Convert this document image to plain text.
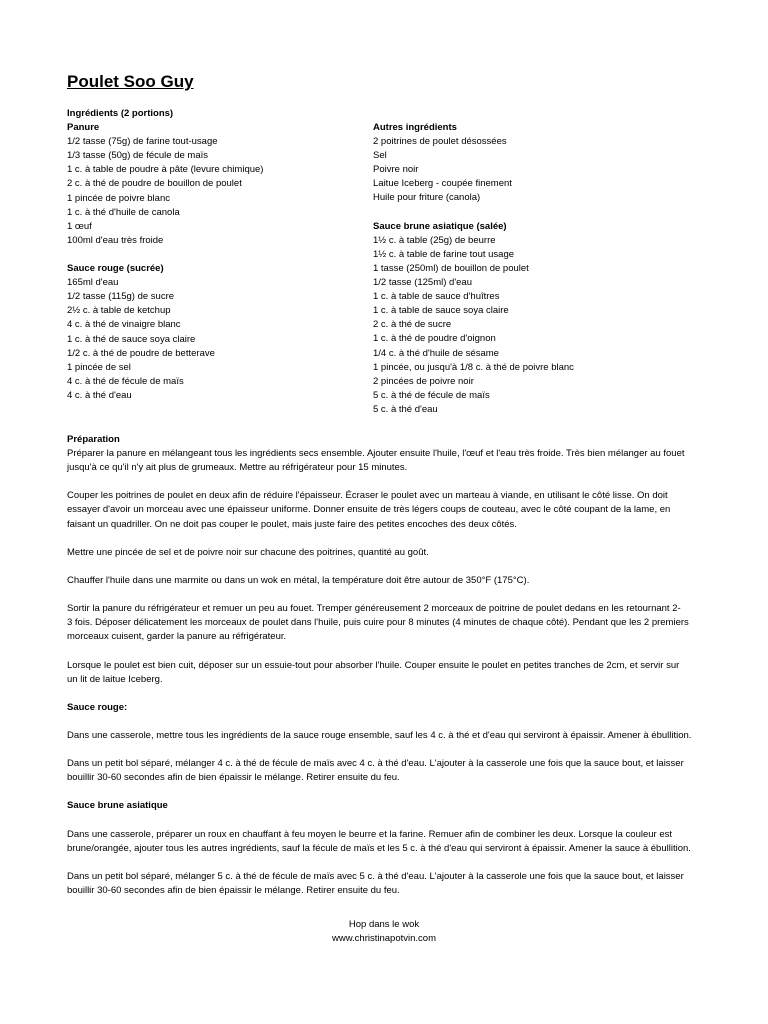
Poulet Soo Guy
Ingrédients (2 portions)
Panure
1/2 tasse (75g) de farine tout-usage
1/3 tasse (50g) de fécule de maïs
1 c. à table de poudre à pâte (levure chimique)
2 c. à thé de poudre de bouillon de poulet
1 pincée de poivre blanc
1 c. à thé d'huile de canola
1 œuf
100ml d'eau très froide
Sauce rouge (sucrée)
165ml d'eau
1/2 tasse (115g) de sucre
2½ c. à table de ketchup
4 c. à thé de vinaigre blanc
1 c. à thé de sauce soya claire
1/2 c. à thé de poudre de betterave
1 pincée de sel
4 c. à thé de fécule de maïs
4 c. à thé d'eau
Autres ingrédients
2 poitrines de poulet désossées
Sel
Poivre noir
Laitue Iceberg - coupée finement
Huile pour friture (canola)
Sauce brune asiatique (salée)
1½ c. à table (25g) de beurre
1½ c. à table de farine tout usage
1 tasse (250ml) de bouillon de poulet
1/2 tasse (125ml) d'eau
1 c. à table de sauce d'huîtres
1 c. à table de sauce soya claire
2 c. à thé de sucre
1 c. à thé de poudre d'oignon
1/4 c. à thé d'huile de sésame
1 pincée, ou jusqu'à 1/8 c. à thé de poivre blanc
2 pincées de poivre noir
5 c. à thé de fécule de maïs
5 c. à thé d'eau
Préparation
Préparer la panure en mélangeant tous les ingrédients secs ensemble. Ajouter ensuite l'huile, l'œuf et l'eau très froide. Très bien mélanger au fouet
jusqu'à ce qu'il n'y ait plus de grumeaux. Mettre au réfrigérateur pour 15 minutes.
Couper les poitrines de poulet en deux afin de réduire l'épaisseur. Écraser le poulet avec un marteau à viande, en utilisant le côté lisse. On doit
essayer d'avoir un morceau avec une épaisseur uniforme. Donner ensuite de très légers coups de couteau, avec le côté coupant de la lame, en
faisant un quadriller. On ne doit pas couper le poulet, mais juste faire des petites encoches des deux côtés.
Mettre une pincée de sel et de poivre noir sur chacune des poitrines, quantité au goût.
Chauffer l'huile dans une marmite ou dans un wok en métal, la température doit être autour de 350°F (175°C).
Sortir la panure du réfrigérateur et remuer un peu au fouet. Tremper généreusement 2 morceaux de poitrine de poulet dedans en les retournant 2-
3 fois. Déposer délicatement les morceaux de poulet dans l'huile, puis cuire pour 8 minutes (4 minutes de chaque côté). Pendant que les 2 premiers
morceaux cuisent, garder la panure au réfrigérateur.
Lorsque le poulet est bien cuit, déposer sur un essuie-tout pour absorber l'huile. Couper ensuite le poulet en petites tranches de 2cm, et servir sur
un lit de laitue Iceberg.
Sauce rouge:
Dans une casserole, mettre tous les ingrédients de la sauce rouge ensemble, sauf les 4 c. à thé et d'eau qui serviront à épaissir. Amener à ébullition.
Dans un petit bol séparé, mélanger 4 c. à thé de fécule de maïs avec 4 c. à thé d'eau. L'ajouter à la casserole une fois que la sauce bout, et laisser
bouillir 30-60 secondes afin de bien épaissir le mélange. Retirer ensuite du feu.
Sauce brune asiatique
Dans une casserole, préparer un roux en chauffant à feu moyen le beurre et la farine. Remuer afin de combiner les deux. Lorsque la couleur est
brune/orangée, ajouter tous les autres ingrédients, sauf la fécule de maïs et les 5 c. à thé d'eau qui serviront à épaissir. Amener la sauce à ébullition.
Dans un petit bol séparé, mélanger 5 c. à thé de fécule de maïs avec 5 c. à thé d'eau. L'ajouter à la casserole une fois que la sauce bout, et laisser
bouillir 30-60 secondes afin de bien épaissir le mélange. Retirer ensuite du feu.
Hop dans le wok
www.christinapotvin.com
